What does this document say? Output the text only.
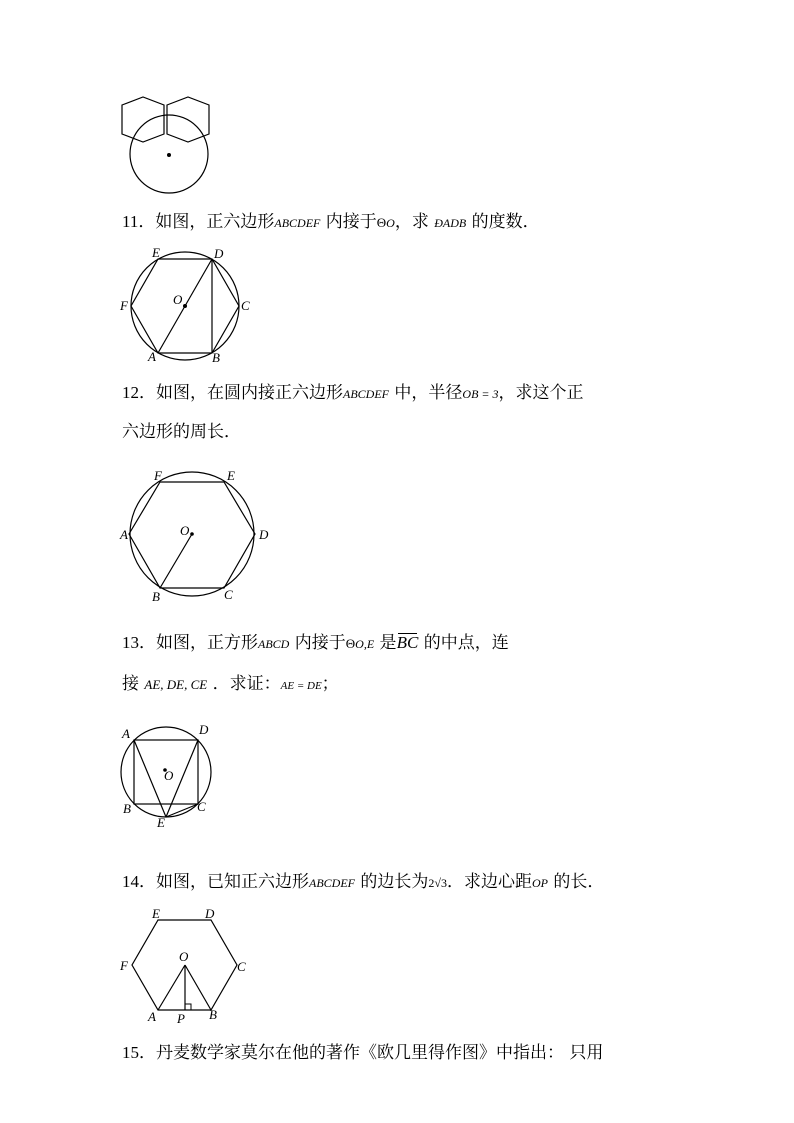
11．如图，正六边形ABCDEF 内接于ΘO，求 ÐADB 的度数．
E	D
F	O	C
A	B
12．如图，在圆内接正六边形ABCDEF 中，半径OB = 3，求这个正
六边形的周长．
F	E
A	O	D
B	C
13．如图，正方形ABCD 内接于ΘO,E 是BC 的中点，连
接 AE, DE, CE ．求证：AE = DE；
A	D
O
B	C
E
14．如图，已知正六边形ABCDEF 的边长为2√3．求边心距OP 的长．
E	D
F
O
C
A P B
15．丹麦数学家莫尔在他的著作《欧几里得作图》中指出： 只用
